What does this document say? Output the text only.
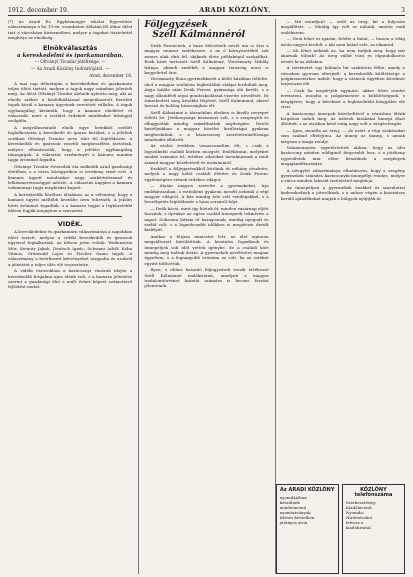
1912. december 19.	ARADI KÖZLÖNY.	3

(*) Az Aradi Ev. Egyházmegye iskolai Egyesülete választmánya a hó 19-én, szombaton délután fél ötkor ülést tart a városháza kistermében, melyre a tagokat tisztelettel meghívja az elnökség.

Elnökválasztás
a kereskedelmi és iparkamarában.
— Oltványi Tivadar jelöltsége. —
— Az Aradi Közlöny tudósítójától. —
Arad, december 18.

A mai nap délutánján a kereskedelmi és iparkamara teljes ülést tartott, melyen a tagok nagy számban jelentek meg. Az ülést Oltványi Tivadar alelnök nyitotta meg, aki az elnöki székre a közfelkiáltással megválasztott kerületi tagok közül a kamara ügyeinek vezetését vállalta. A tagok egyhangúlag kívánták, hogy a kamara elnökévé őt válasszák, mert a testület érdekeit mindenkor hűséggel szolgálta.

A megválasztandó elnök ügye hetekkel ezelőtt foglalkoztatta a kereskedő és iparos köröket, s a jelöltek sorában Oltványi Tivadar neve tűnt fel legtöbbször. A kereskedők és iparosok vezetői megbeszélést tartottak, melyen elhatározták, hogy a jelölést egyhangúlag támogatják. A választás eredményét a kamara minden tagja örömmel fogadta.

Oltványi Tivadar évtizedek óta működik Arad gazdasági életében, s a város közügyeiben is tevékeny részt vett. A kamara ügyeit mindenkor nagy szakértelemmel és lelkiismeretességgel intézte. A választás napjára a kamara valamennyi tagja meghívást kapott.

A kereskedők körében általános az a vélemény, hogy a kamara ügyeit méltóbb kezekbe nem tehetnék. A jelölés hírét örömmel fogadták, s a kamara tagjai a legközelebbi ülésen fogják megejteni a szavazást.

VIDÉK.

A kereskedelmi és iparkamara választmánya a napokban ülést tartott, melyen a vidéki kereskedők és iparosok ügyeivel foglalkoztak. Az ülésen jelen voltak: Wallenstein Mór, Steinitz Jakab, Deutsch Ignác, Schwarz Adolf, Kohn Vilmos, Grünwald Lajos és Fischer Samu tagok. A választmány a beérkezett kérvényeket tárgyalta és azokról a jelentést a teljes ülés elé terjesztette.

A vidéki városokban a karácsonyi vásárok idején a kereskedők forgalma igen élénk volt, s a kamara jelentése szerint a gazdasági élet a múlt évhez képest számottevő fejlődést mutat.

Följegyzések
Széll Kálmánnéról

Deák Ferencnek, a haza bölcsének nevét ma is őrzi a magyar nemzet emlékezete, s az ő környezetéből sok nemes alak tűnt fel, akiknek élete példaképül szolgálhat. Ezek közé tartozott Széll Kálmánné, Vörösmarty Mihály leánya, akinek emlékét a magyar társaság most is kegyelettel őrzi.

Vörösmarty Ilona gyermekkorát a költő házában töltötte, ahol a magyar irodalom legkiválóbb alakjai fordultak meg. Atyja halála után Deák Ferenc gyámsága alá került, s a nagy államférfi atyai gondoskodással vezette nevelését. Itt ismerkedett meg későbbi férjével, Széll Kálmánnal, akivel hosszú és boldog házasságban élt.

Széll Kálmánné a társadalmi életben is kiváló szerepet töltött be. Jótékonysága közismert volt, s a szegények és elhagyottak mindig számíthattak segítségére. Ratóti kastélyukban a magyar közélet kiválóságai gyakran megfordultak, s a háziasszony szeretetreméltósága mindenkit elbűvölt.

Az utolsó években visszavonultan élt, s csak a legszűkebb családi körben mozgott. Emlékiratai, melyeket unokái számára írt, értékes adatokat tartalmaznak a mult század magyar közéletéről és irodalmáról.

Ezekből a följegyzésekből közlünk itt néhány részletet, melyek a nagy költő családi életére és Deák Ferenc egyéniségére vetnek érdekes világot.

— Atyám nagyon szerette a gyermekeket, írja emlékirataiban, s esténként gyakran mesélt nekünk a régi magyar világról. A ház mindig tele volt vendégekkel, s a beszélgetés legtöbbször a haza sorsáról folyt.

— Deák bácsi, mert így hívtuk őt, minden vasárnap eljött hozzánk, s ilyenkor az egész család ünnepnek tekintette a napot. Sohasem láttam őt haragosnak, mindig nyugodt és szelíd volt, s a legnehezebb időkben is megőrizte derült kedélyét.

Amikor a férjem miniszter lett, az élet egészen megváltozott körülöttünk. A hivatalos fogadások és ünnepélyek sok időt vettek igénybe, de a családi kört mindig meg tudtuk őrizni. A gyermekek nevelésére magam ügyeltem, s a legnagyobb örömöm az volt, ha az estéket együtt tölthettük.

Ilyen, s ehhez hasonló följegyzések teszik értékessé Széll Kálmánné emlékiratait, amelyek a magyar irodalomtörténet kutatói számára is becses forrást jelentenek.

— Mit mondjon? — szólt az öreg, kit a folyosón megállított. — Mindig így volt ez nálunk, amióta csak emlékszem.

— Nem lehet ez igazán, felelte a fiatal, — hiszen a világ azóta nagyot fordult, s aki nem halad vele, az elmarad.

— Mi lehet nekünk az, ha nem tudjuk meg, hogy mit akarnak tőlünk? Az öreg vállat vont és elgondolkozva nézett ki az ablakon.

A történetet egy különös hír szakította félbe, amely a városban gyorsan elterjedt: a kereskedők küldöttsége a polgármesterhez indult, hogy a vásárok ügyében kérelmet terjesszen elő.

— Csak ha megértjük egymást, akkor lehet rendet teremteni, mondta a polgármester a küldöttségnek, s megígérte, hogy a kérelmet a legközelebbi közgyűlés elé viszi.

A karácsonyi ünnepek közeledtével a városban élénk forgalom indult meg. Az üzletek kirakatai ünnepi díszt öltöttek, s az utcákon késő estig nagy volt a sürgés-forgás.

— Igen, mondta az öreg, — de azért a régi szokásokat sem szabad elfelejteni. Az ünnep az ünnep, s annak megvan a maga rendje.

Valamennyien egyetértettek abban, hogy az idei karácsony minden eddiginél fényesebb lesz, s a jótékony egyesületek már előre készülnek a szegények megajándékozására.

A nőegylet választmánya elhatározta, hogy a szegény gyermekek számára karácsonyfa-ünnepélyt rendez, melyre a város minden lakosát tisztelettel meghívja.

Az ünnepélyen a gyermekek énekkel és szavalattal kedveskednek a jótevőknek, s a műsor végén a kiosztásra kerülő ajándékokat maguk a hölgyek nyújtják át.

Az ARADI KÖZLÖNY
nyomdájában
készülnek
mindennemű
nyomtatványok
ízléses kivitelben
jutányos áron.
KÖZLÖNY telefonszáma
Szerkesztőség:
Kiadóhivatal:
Nyomda:
Hirdetéseket
felvesz a
kiadóhivatal.
